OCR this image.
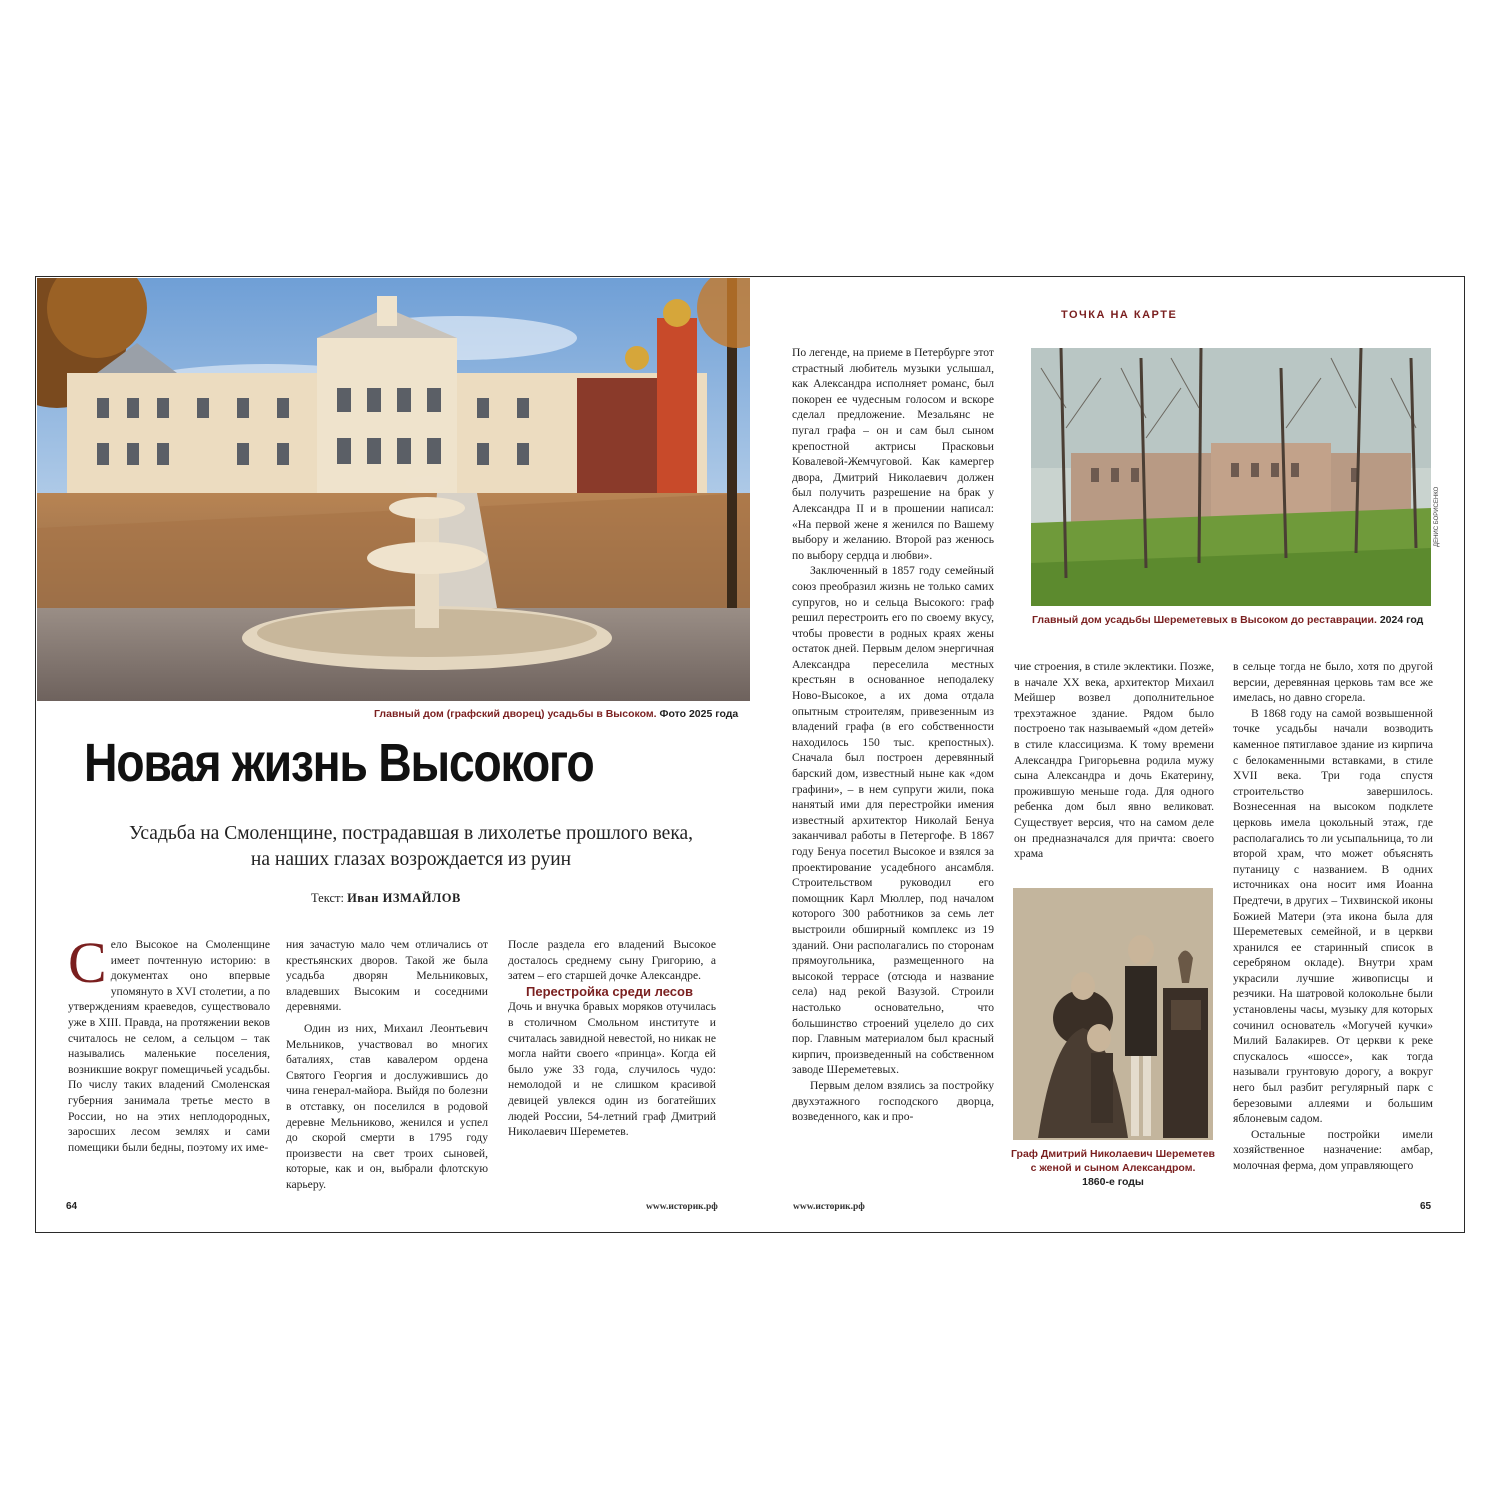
Главный дом (графский дворец) усадьбы в Высоком. Фото 2025 года
Новая жизнь Высокого
Усадьба на Смоленщине, пострадавшая в лихолетье прошлого века,
на наших глазах возрождается из руин
Текст: Иван ИЗМАЙЛОВ
С ело Высокое на Смоленщине имеет почтенную историю: в документах оно впервые упомянуто в XVI столетии, а по утверждениям краеведов, существовало уже в XIII. Правда, на протяжении веков считалось не селом, а сельцом – так назывались маленькие поселения, возникшие вокруг помещичьей усадьбы. По числу таких владений Смоленская губерния занимала третье место в России, но на этих неплодородных, заросших лесом землях и сами помещики были бедны, поэтому их име-

ния зачастую мало чем отличались от крестьянских дворов. Такой же была усадьба дворян Мельниковых, владевших Высоким и соседними деревнями.

Один из них, Михаил Леонтьевич Мельников, участвовал во многих баталиях, став кавалером ордена Святого Георгия и дослужившись до чина генерал-майора. Выйдя по болезни в отставку, он поселился в родовой деревне Мельниково, женился и успел до скорой смерти в 1795 году произвести на свет троих сыновей, которые, как и он, выбрали флотскую карьеру.

После раздела его владений Высокое досталось среднему сыну Григорию, а затем – его старшей дочке Александре.

Перестройка среди лесов

Дочь и внучка бравых моряков отучилась в столичном Смольном институте и считалась завидной невестой, но никак не могла найти своего «принца». Когда ей было уже 33 года, случилось чудо: немолодой и не слишком красивой девицей увлекся один из богатейших людей России, 54-летний граф Дмитрий Николаевич Шереметев.

64	www.историк.рф
ТОЧКА НА КАРТЕ

По легенде, на приеме в Петербурге этот страстный любитель музыки услышал, как Александра исполняет романс, был покорен ее чудесным голосом и вскоре сделал предложение. Мезальянс не пугал графа – он и сам был сыном крепостной актрисы Прасковьи Ковалевой-Жемчуговой. Как камергер двора, Дмитрий Николаевич должен был получить разрешение на брак у Александра II и в прошении написал: «На первой жене я женился по Вашему выбору и желанию. Второй раз женюсь по выбору сердца и любви».

Заключенный в 1857 году семейный союз преобразил жизнь не только самих супругов, но и сельца Высокого: граф решил перестроить его по своему вкусу, чтобы провести в родных краях жены остаток дней. Первым делом энергичная Александра переселила местных крестьян в основанное неподалеку Ново-Высокое, а их дома отдала опытным строителям, привезенным из владений графа (в его собственности находилось 150 тыс. крепостных). Сначала был построен деревянный барский дом, известный ныне как «дом графини», – в нем супруги жили, пока нанятый ими для перестройки имения известный архитектор Николай Бенуа заканчивал работы в Петергофе. В 1867 году Бенуа посетил Высокое и взялся за проектирование усадебного ансамбля. Строительством руководил его помощник Карл Мюллер, под началом которого 300 работников за семь лет выстроили обширный комплекс из 19 зданий. Они располагались по сторонам прямоугольника, размещенного на высокой террасе (отсюда и название села) над рекой Вазузой. Строили настолько основательно, что большинство строений уцелело до сих пор. Главным материалом был красный кирпич, произведенный на собственном заводе Шереметевых.

Первым делом взялись за постройку двухэтажного господского дворца, возведенного, как и про-

ДЕНИС БОРИСЕНКО
Главный дом усадьбы Шереметевых в Высоком до реставрации. 2024 год

чие строения, в стиле эклектики. Позже, в начале XX века, архитектор Михаил Мейшер возвел дополнительное трехэтажное здание. Рядом было построено так называемый «дом детей» в стиле классицизма. К тому времени Александра Григорьевна родила мужу сына Александра и дочь Екатерину, прожившую меньше года. Для одного ребенка дом был явно великоват. Существует версия, что на самом деле он предназначался для причта: своего храма

Граф Дмитрий Николаевич Шереметев с женой и сыном Александром.
1860-е годы

в сельце тогда не было, хотя по другой версии, деревянная церковь там все же имелась, но давно сгорела.

В 1868 году на самой возвышенной точке усадьбы начали возводить каменное пятиглавое здание из кирпича с белокаменными вставками, в стиле XVII века. Три года спустя строительство завершилось. Вознесенная на высоком подклете церковь имела цокольный этаж, где располагались то ли усыпальница, то ли второй храм, что может объяснять путаницу с названием. В одних источниках она носит имя Иоанна Предтечи, в других – Тихвинской иконы Божией Матери (эта икона была для Шереметевых семейной, и в церкви хранился ее старинный список в серебряном окладе). Внутри храм украсили лучшие живописцы и резчики. На шатровой колокольне были установлены часы, музыку для которых сочинил основатель «Могучей кучки» Милий Балакирев. От церкви к реке спускалось «шоссе», как тогда называли грунтовую дорогу, а вокруг него был разбит регулярный парк с березовыми аллеями и большим яблоневым садом.

Остальные постройки имели хозяйственное назначение: амбар, молочная ферма, дом управляющего

www.историк.рф	65
